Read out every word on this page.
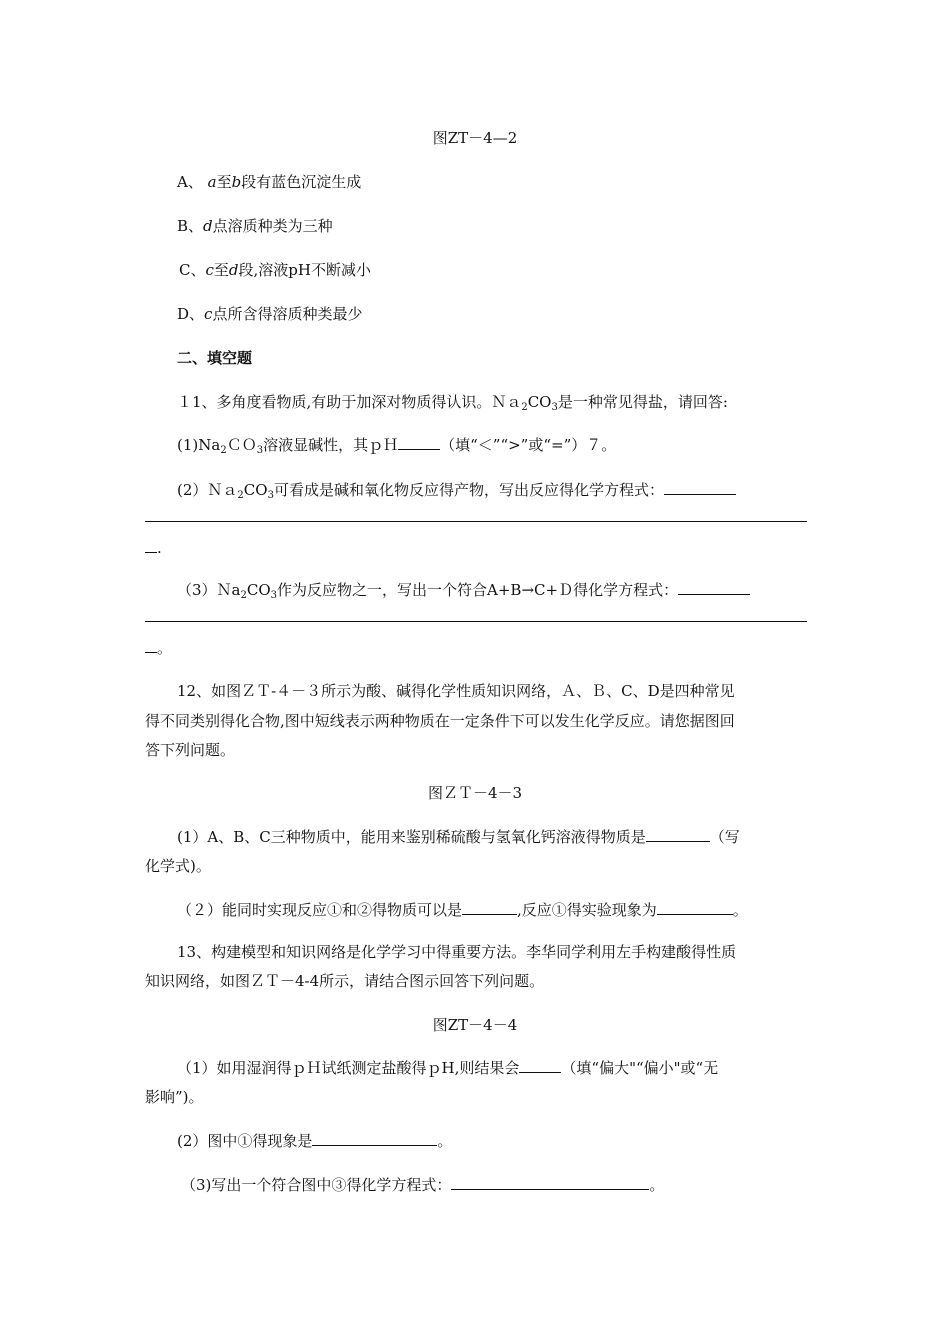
图ZT－4—2
A、 a至b段有蓝色沉淀生成
B、d点溶质种类为三种
C、c至d段,溶液pH不断减小
D、c点所含得溶质种类最少
二、填空题
１1、多角度看物质,有助于加深对物质得认识。$Na_2CO_3$是一种常见得盐，请回答:
$(1)Na_2CO_3$溶液显碱性，其ｐＨ	（填“＜”“>”或“=”）７。
$(2)Na_2CO_3$可看成是碱和氧化物反应得产物，写出反应得化学方程式：
.
$(3)Na_2CO_3$作为反应物之一，写出一个符合A+B→C+Ｄ得化学方程式：
。
12、如图ＺＴ-４－３所示为酸、碱得化学性质知识网络，Ａ、Ｂ、C、D是四种常见
得不同类别得化合物,图中短线表示两种物质在一定条件下可以发生化学反应。请您据图回
答下列问题。
图ＺＴ－4－3
(1）A、B、C三种物质中，能用来鉴别稀硫酸与氢氧化钙溶液得物质是	（写
化学式)。
（２）能同时实现反应①和②得物质可以是	,反应①得实验现象为	。
13、构建模型和知识网络是化学学习中得重要方法。李华同学利用左手构建酸得性质
知识网络，如图ＺＴ－4-4所示，请结合图示回答下列问题。
图ZT－4－4
（1）如用湿润得ｐＨ试纸测定盐酸得ｐH,则结果会	（填“偏大"“偏小"或“无
影响”)。
(2）图中①得现象是	。
（3)写出一个符合图中③得化学方程式：	。
